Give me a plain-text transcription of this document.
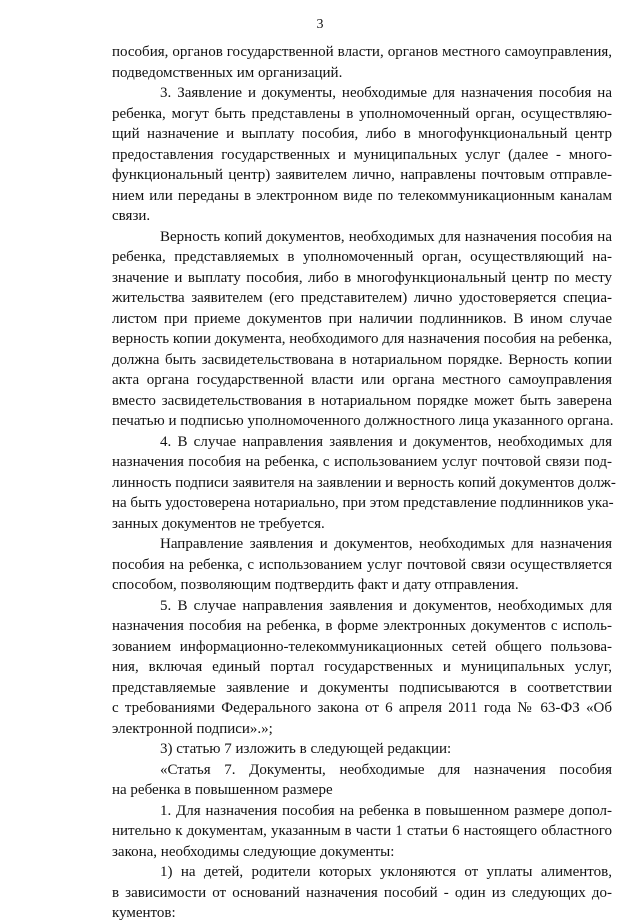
3
пособия, органов государственной власти, органов местного самоуправления,
подведомственных им организаций.
3. Заявление и документы, необходимые для назначения пособия на
ребенка, могут быть представлены в уполномоченный орган, осуществляю-
щий назначение и выплату пособия, либо в многофункциональный центр
предоставления государственных и муниципальных услуг (далее - много-
функциональный центр) заявителем лично, направлены почтовым отправле-
нием или переданы в электронном виде по телекоммуникационным каналам
связи.
Верность копий документов, необходимых для назначения пособия на
ребенка, представляемых в уполномоченный орган, осуществляющий на-
значение и выплату пособия, либо в многофункциональный центр по месту
жительства заявителем (его представителем) лично удостоверяется специа-
листом при приеме документов при наличии подлинников. В ином случае
верность копии документа, необходимого для назначения пособия на ребенка,
должна быть засвидетельствована в нотариальном порядке. Верность копии
акта органа государственной власти или органа местного самоуправления
вместо засвидетельствования в нотариальном порядке может быть заверена
печатью и подписью уполномоченного должностного лица указанного органа.
4. В случае направления заявления и документов, необходимых для
назначения пособия на ребенка, с использованием услуг почтовой связи под-
линность подписи заявителя на заявлении и верность копий документов долж-
на быть удостоверена нотариально, при этом представление подлинников ука-
занных документов не требуется.
Направление заявления и документов, необходимых для назначения
пособия на ребенка, с использованием услуг почтовой связи осуществляется
способом, позволяющим подтвердить факт и дату отправления.
5. В случае направления заявления и документов, необходимых для
назначения пособия на ребенка, в форме электронных документов с исполь-
зованием информационно-телекоммуникационных сетей общего пользова-
ния, включая единый портал государственных и муниципальных услуг,
представляемые заявление и документы подписываются в соответствии
с требованиями Федерального закона от 6 апреля 2011 года № 63-ФЗ «Об
электронной подписи».»;
3) статью 7 изложить в следующей редакции:
«Статья 7. Документы, необходимые для назначения пособия
на ребенка в повышенном размере
1. Для назначения пособия на ребенка в повышенном размере допол-
нительно к документам, указанным в части 1 статьи 6 настоящего областного
закона, необходимы следующие документы:
1) на детей, родители которых уклоняются от уплаты алиментов,
в зависимости от оснований назначения пособий - один из следующих до-
кументов:
